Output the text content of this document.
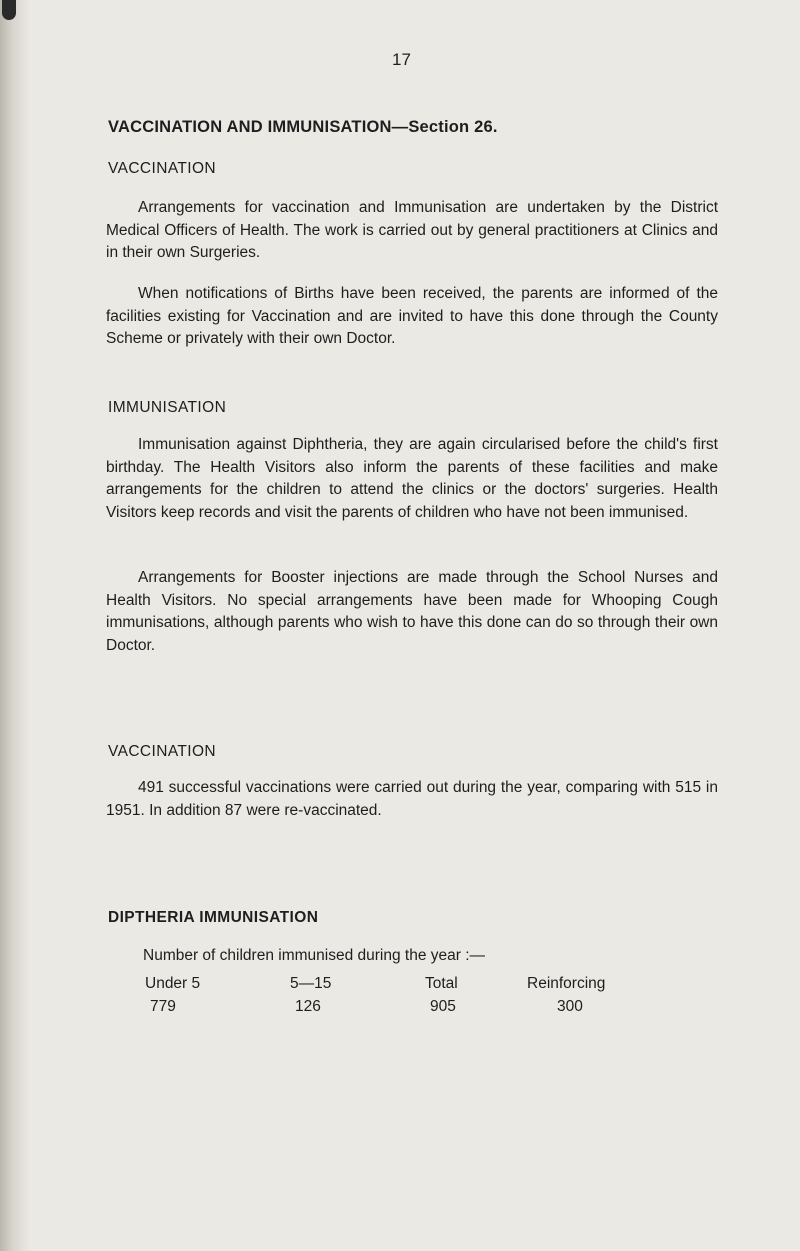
17
VACCINATION AND IMMUNISATION—Section 26.
VACCINATION

Arrangements for vaccination and Immunisation are undertaken by the District Medical Officers of Health. The work is carried out by general practitioners at Clinics and in their own Surgeries.

When notifications of Births have been received, the parents are informed of the facilities existing for Vaccination and are invited to have this done through the County Scheme or privately with their own Doctor.

IMMUNISATION

Immunisation against Diphtheria, they are again circularised before the child's first birthday. The Health Visitors also inform the parents of these facilities and make arrangements for the children to attend the clinics or the doctors' surgeries. Health Visitors keep records and visit the parents of children who have not been immunised.

Arrangements for Booster injections are made through the School Nurses and Health Visitors. No special arrangements have been made for Whooping Cough immunisations, although parents who wish to have this done can do so through their own Doctor.

VACCINATION

491 successful vaccinations were carried out during the year, comparing with 515 in 1951. In addition 87 were re-vaccinated.

DIPTHERIA IMMUNISATION
Number of children immunised during the year :—
Under 5	5—15	Total	Reinforcing
779	126	905	300
